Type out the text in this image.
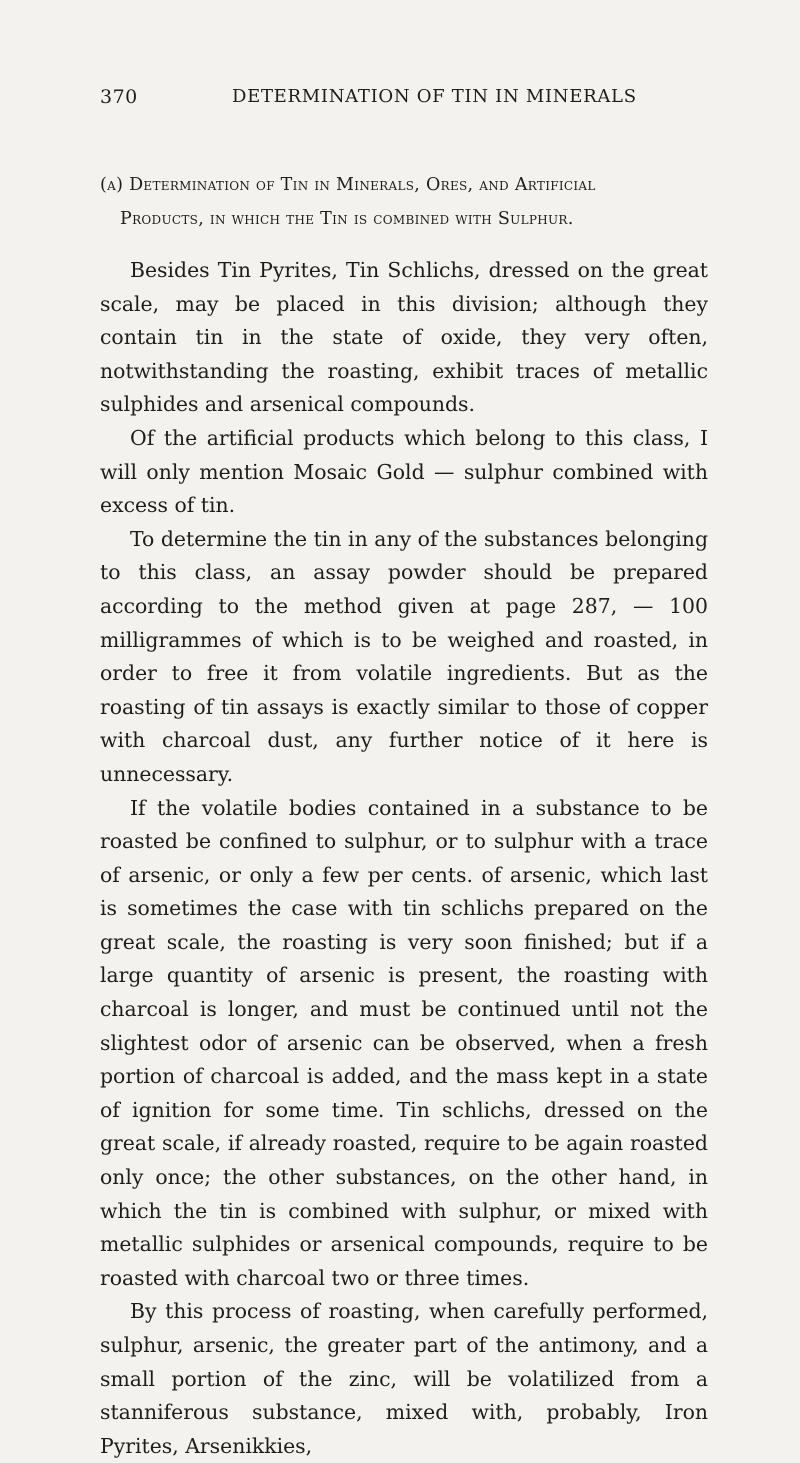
370	DETERMINATION OF TIN IN MINERALS
(a) Determination of Tin in Minerals, Ores, and Artificial
Products, in which the Tin is combined with Sulphur.

Besides Tin Pyrites, Tin Schlichs, dressed on the great scale, may be placed in this division; although they contain tin in the state of oxide, they very often, notwithstanding the roasting, exhibit traces of metallic sulphides and arsenical compounds.

Of the artificial products which belong to this class, I will only mention Mosaic Gold — sulphur combined with excess of tin.

To determine the tin in any of the substances belonging to this class, an assay powder should be prepared according to the method given at page 287, — 100 milligrammes of which is to be weighed and roasted, in order to free it from volatile ingredients. But as the roasting of tin assays is exactly similar to those of copper with charcoal dust, any further notice of it here is unnecessary.

If the volatile bodies contained in a substance to be roasted be confined to sulphur, or to sulphur with a trace of arsenic, or only a few per cents. of arsenic, which last is sometimes the case with tin schlichs prepared on the great scale, the roasting is very soon finished; but if a large quantity of arsenic is present, the roasting with charcoal is longer, and must be continued until not the slightest odor of arsenic can be observed, when a fresh portion of charcoal is added, and the mass kept in a state of ignition for some time. Tin schlichs, dressed on the great scale, if already roasted, require to be again roasted only once; the other substances, on the other hand, in which the tin is combined with sulphur, or mixed with metallic sulphides or arsenical compounds, require to be roasted with charcoal two or three times.

By this process of roasting, when carefully performed, sulphur, arsenic, the greater part of the antimony, and a small portion of the zinc, will be volatilized from a stanniferous substance, mixed with, probably, Iron Pyrites, Arsenikkies,
